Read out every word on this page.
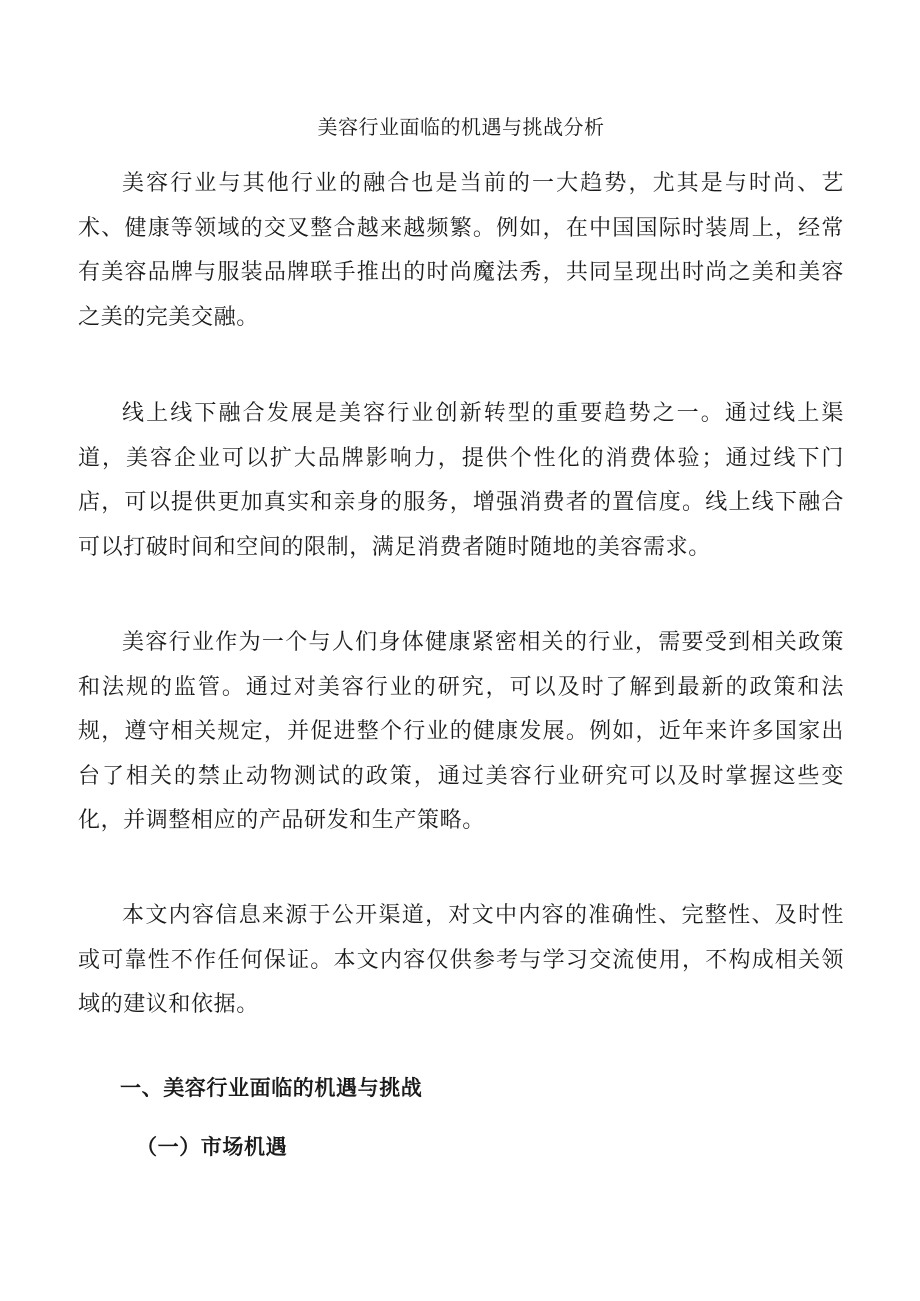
美容行业面临的机遇与挑战分析

美容行业与其他行业的融合也是当前的一大趋势，尤其是与时尚、艺术、健康等领域的交叉整合越来越频繁。例如，在中国国际时装周上，经常有美容品牌与服装品牌联手推出的时尚魔法秀，共同呈现出时尚之美和美容之美的完美交融。

线上线下融合发展是美容行业创新转型的重要趋势之一。通过线上渠道，美容企业可以扩大品牌影响力，提供个性化的消费体验；通过线下门店，可以提供更加真实和亲身的服务，增强消费者的置信度。线上线下融合可以打破时间和空间的限制，满足消费者随时随地的美容需求。

美容行业作为一个与人们身体健康紧密相关的行业，需要受到相关政策和法规的监管。通过对美容行业的研究，可以及时了解到最新的政策和法规，遵守相关规定，并促进整个行业的健康发展。例如，近年来许多国家出台了相关的禁止动物测试的政策，通过美容行业研究可以及时掌握这些变化，并调整相应的产品研发和生产策略。

本文内容信息来源于公开渠道，对文中内容的准确性、完整性、及时性或可靠性不作任何保证。本文内容仅供参考与学习交流使用，不构成相关领域的建议和依据。

一、美容行业面临的机遇与挑战
（一）市场机遇
